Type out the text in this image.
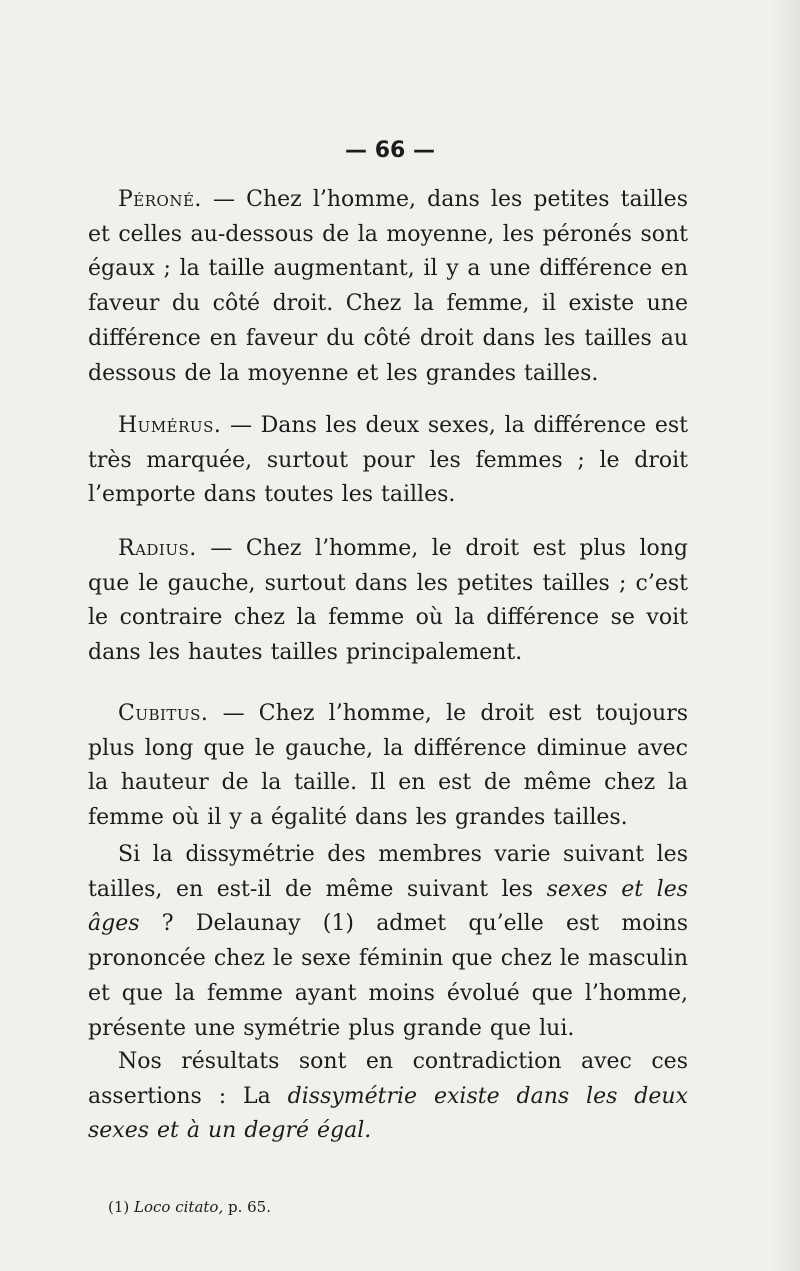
— 66 —

Péroné. — Chez l’homme, dans les petites tailles et celles au-dessous de la moyenne, les péronés sont égaux ; la taille augmentant, il y a une différence en faveur du côté droit. Chez la femme, il existe une différence en faveur du côté droit dans les tailles au dessous de la moyenne et les grandes tailles.

Humérus. — Dans les deux sexes, la différence est très marquée, surtout pour les femmes ; le droit l’emporte dans toutes les tailles.

Radius. — Chez l’homme, le droit est plus long que le gauche, surtout dans les petites tailles ; c’est le contraire chez la femme où la différence se voit dans les hautes tailles principalement.

Cubitus. — Chez l’homme, le droit est toujours plus long que le gauche, la différence diminue avec la hauteur de la taille. Il en est de même chez la femme où il y a égalité dans les grandes tailles.

Si la dissymétrie des membres varie suivant les tailles, en est-il de même suivant les sexes et les âges ? Delaunay (1) admet qu’elle est moins prononcée chez le sexe féminin que chez le masculin et que la femme ayant moins évolué que l’homme, présente une symétrie plus grande que lui.

Nos résultats sont en contradiction avec ces assertions : La dissymétrie existe dans les deux sexes et à un degré égal.

(1) Loco citato, p. 65.
